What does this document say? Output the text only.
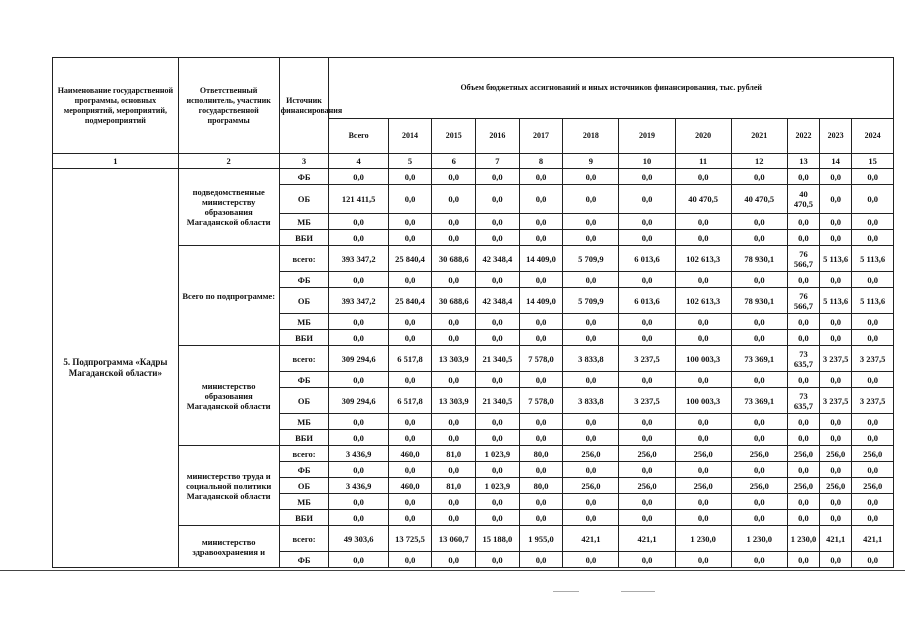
Наименование государственной программы, основных мероприятий, мероприятий, подмероприятий	Ответственный исполнитель, участник государственной программы	Источник финансирования	Объем бюджетных ассигнований и иных источников финансирования, тыс. рублей											
			Всего	2014	2015	2016	2017	2018	2019	2020	2021	2022	2023	2024
1	2	3	4	5	6	7	8	9	10	11	12	13	14	15
5. Подпрограмма «Кадры Магаданской области»	подведомственные министерству образования Магаданской области	ФБ	0,0	0,0	0,0	0,0	0,0	0,0	0,0	0,0	0,0	0,0	0,0	0,0
		ОБ	121 411,5	0,0	0,0	0,0	0,0	0,0	0,0	40 470,5	40 470,5	40 470,5	0,0	0,0
		МБ	0,0	0,0	0,0	0,0	0,0	0,0	0,0	0,0	0,0	0,0	0,0	0,0
		ВБИ	0,0	0,0	0,0	0,0	0,0	0,0	0,0	0,0	0,0	0,0	0,0	0,0
	Всего по подпрограмме:	всего:	393 347,2	25 840,4	30 688,6	42 348,4	14 409,0	5 709,9	6 013,6	102 613,3	78 930,1	76 566,7	5 113,6	5 113,6
		ФБ	0,0	0,0	0,0	0,0	0,0	0,0	0,0	0,0	0,0	0,0	0,0	0,0
		ОБ	393 347,2	25 840,4	30 688,6	42 348,4	14 409,0	5 709,9	6 013,6	102 613,3	78 930,1	76 566,7	5 113,6	5 113,6
		МБ	0,0	0,0	0,0	0,0	0,0	0,0	0,0	0,0	0,0	0,0	0,0	0,0
		ВБИ	0,0	0,0	0,0	0,0	0,0	0,0	0,0	0,0	0,0	0,0	0,0	0,0
	министерство образования Магаданской области	всего:	309 294,6	6 517,8	13 303,9	21 340,5	7 578,0	3 833,8	3 237,5	100 003,3	73 369,1	73 635,7	3 237,5	3 237,5
		ФБ	0,0	0,0	0,0	0,0	0,0	0,0	0,0	0,0	0,0	0,0	0,0	0,0
		ОБ	309 294,6	6 517,8	13 303,9	21 340,5	7 578,0	3 833,8	3 237,5	100 003,3	73 369,1	73 635,7	3 237,5	3 237,5
		МБ	0,0	0,0	0,0	0,0	0,0	0,0	0,0	0,0	0,0	0,0	0,0	0,0
		ВБИ	0,0	0,0	0,0	0,0	0,0	0,0	0,0	0,0	0,0	0,0	0,0	0,0
	министерство труда и социальной политики Магаданской области	всего:	3 436,9	460,0	81,0	1 023,9	80,0	256,0	256,0	256,0	256,0	256,0	256,0	256,0
		ФБ	0,0	0,0	0,0	0,0	0,0	0,0	0,0	0,0	0,0	0,0	0,0	0,0
		ОБ	3 436,9	460,0	81,0	1 023,9	80,0	256,0	256,0	256,0	256,0	256,0	256,0	256,0
		МБ	0,0	0,0	0,0	0,0	0,0	0,0	0,0	0,0	0,0	0,0	0,0	0,0
		ВБИ	0,0	0,0	0,0	0,0	0,0	0,0	0,0	0,0	0,0	0,0	0,0	0,0
	министерство здравоохранения и	всего:	49 303,6	13 725,5	13 060,7	15 188,0	1 955,0	421,1	421,1	1 230,0	1 230,0	1 230,0	421,1	421,1
		ФБ	0,0	0,0	0,0	0,0	0,0	0,0	0,0	0,0	0,0	0,0	0,0	0,0
